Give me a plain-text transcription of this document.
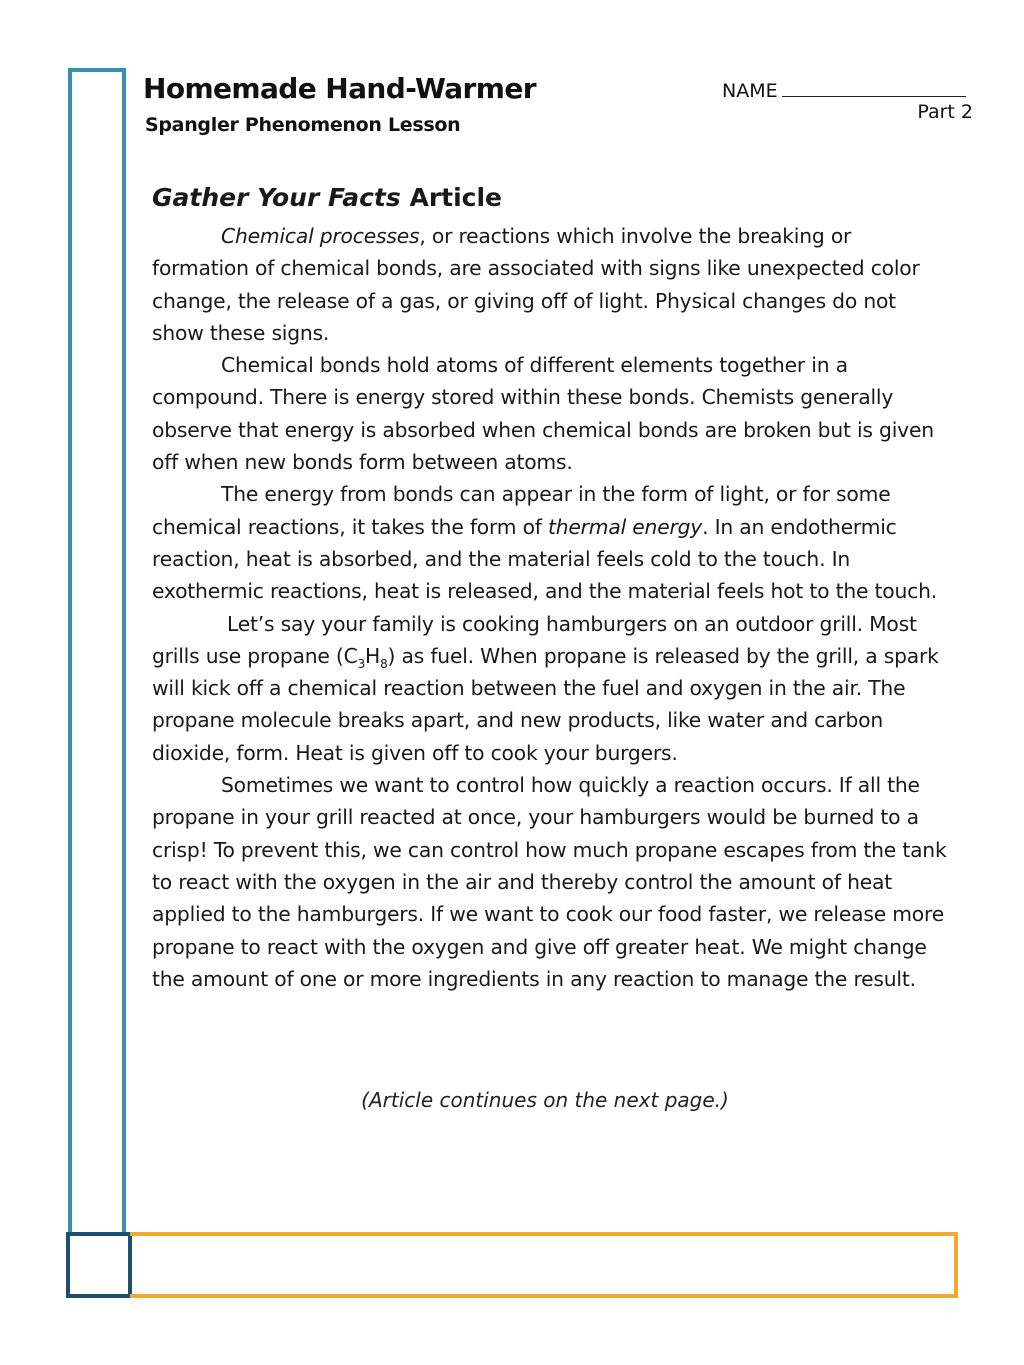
Homemade Hand-Warmer
Spangler Phenomenon Lesson
NAME
Part 2
Gather Your Facts Article

Chemical processes, or reactions which involve the breaking or formation of chemical bonds, are associated with signs like unexpected color change, the release of a gas, or giving off of light. Physical changes do not show these signs.

Chemical bonds hold atoms of different elements together in a compound. There is energy stored within these bonds. Chemists generally observe that energy is absorbed when chemical bonds are broken but is given off when new bonds form between atoms.

The energy from bonds can appear in the form of light, or for some chemical reactions, it takes the form of thermal energy. In an endothermic reaction, heat is absorbed, and the material feels cold to the touch. In exothermic reactions, heat is released, and the material feels hot to the touch.

Let’s say your family is cooking hamburgers on an outdoor grill. Most grills use propane $(C_3H_8)$ as fuel. When propane is released by the grill, a spark will kick off a chemical reaction between the fuel and oxygen in the air. The propane molecule breaks apart, and new products, like water and carbon dioxide, form. Heat is given off to cook your burgers.

Sometimes we want to control how quickly a reaction occurs. If all the propane in your grill reacted at once, your hamburgers would be burned to a crisp! To prevent this, we can control how much propane escapes from the tank to react with the oxygen in the air and thereby control the amount of heat applied to the hamburgers. If we want to cook our food faster, we release more propane to react with the oxygen and give off greater heat. We might change the amount of one or more ingredients in any reaction to manage the result.

(Article continues on the next page.)
